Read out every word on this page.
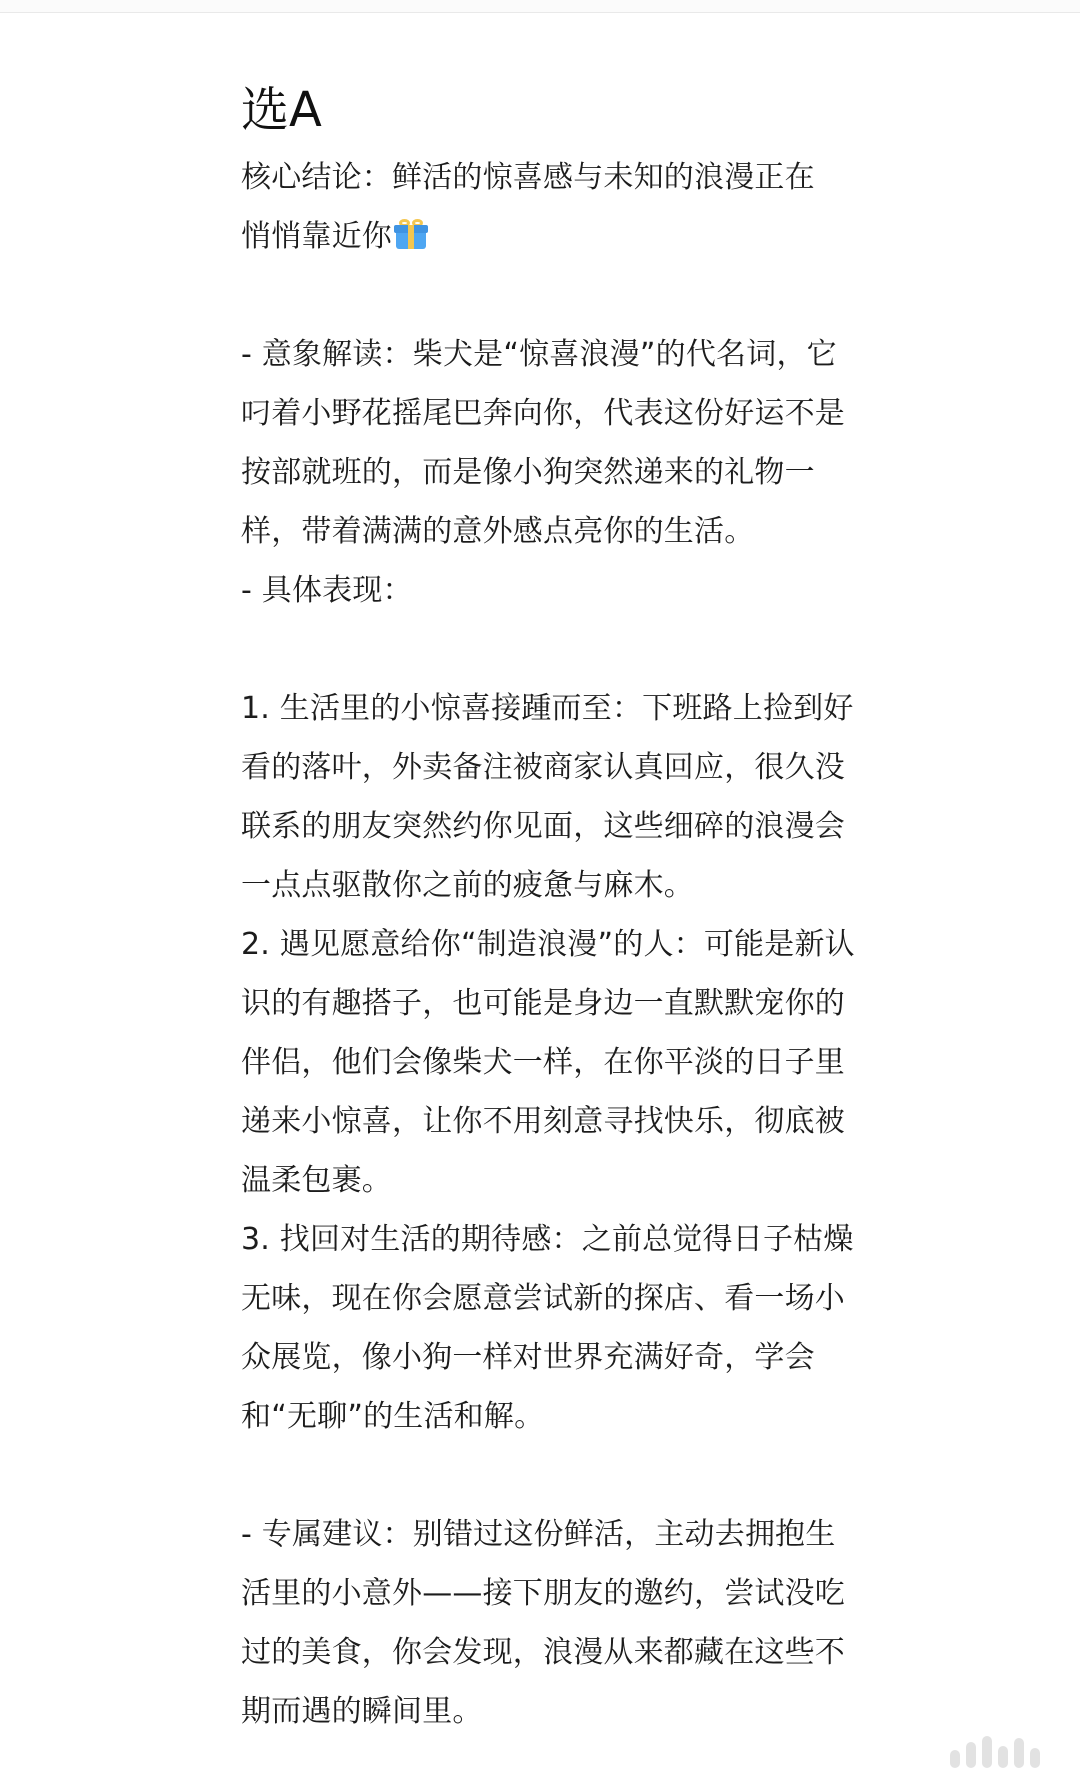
选A

核心结论：鲜活的惊喜感与未知的浪漫正在
悄悄靠近你

- 意象解读：柴犬是“惊喜浪漫”的代名词，它叼着小野花摇尾巴奔向你，代表这份好运不是按部就班的，而是像小狗突然递来的礼物一样，带着满满的意外感点亮你的生活。

- 具体表现：

1. 生活里的小惊喜接踵而至：下班路上捡到好看的落叶，外卖备注被商家认真回应，很久没联系的朋友突然约你见面，这些细碎的浪漫会一点点驱散你之前的疲惫与麻木。

2. 遇见愿意给你“制造浪漫”的人：可能是新认识的有趣搭子，也可能是身边一直默默宠你的伴侣，他们会像柴犬一样，在你平淡的日子里递来小惊喜，让你不用刻意寻找快乐，彻底被温柔包裹。

3. 找回对生活的期待感：之前总觉得日子枯燥无味，现在你会愿意尝试新的探店、看一场小众展览，像小狗一样对世界充满好奇，学会和“无聊”的生活和解。

- 专属建议：别错过这份鲜活，主动去拥抱生活里的小意外——接下朋友的邀约，尝试没吃过的美食，你会发现，浪漫从来都藏在这些不期而遇的瞬间里。
